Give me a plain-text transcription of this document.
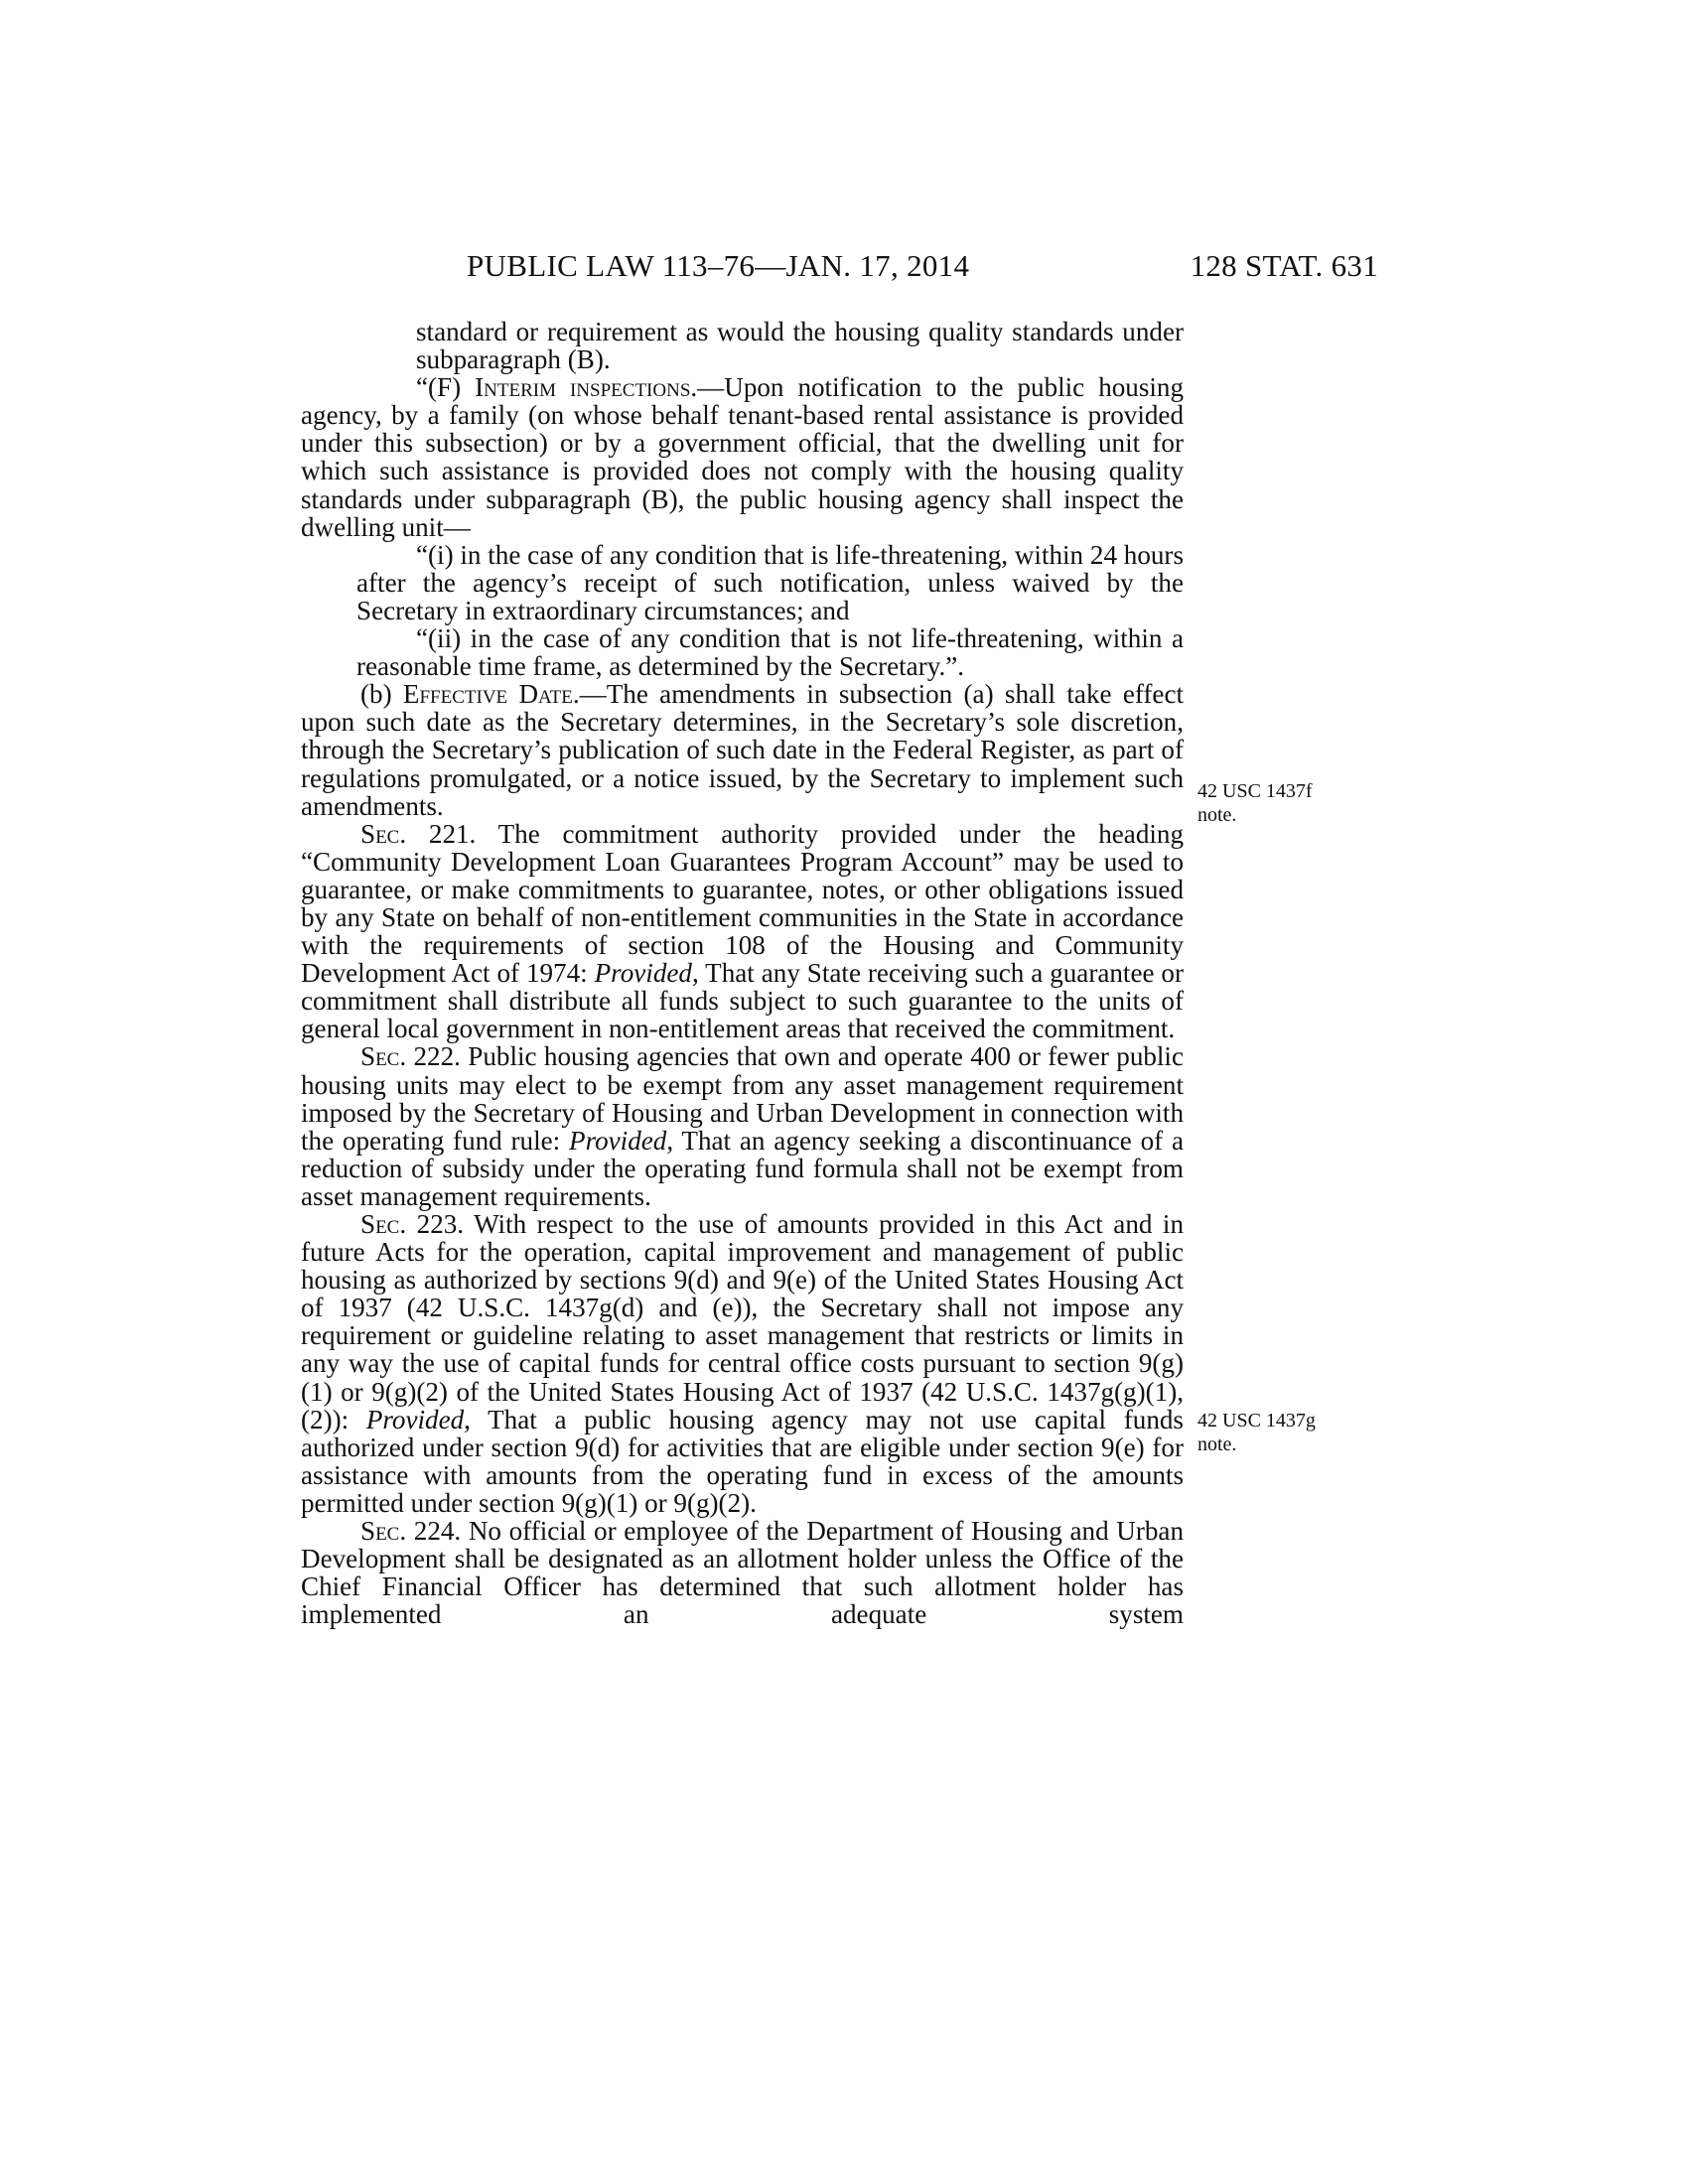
PUBLIC LAW 113–76—JAN. 17, 2014	128 STAT. 631
42 USC 1437f
note.
42 USC 1437g
note.

standard or requirement as would the housing quality standards under subparagraph (B).

“(F) Interim inspections.—Upon notification to the public housing agency, by a family (on whose behalf tenant-based rental assistance is provided under this subsection) or by a government official, that the dwelling unit for which such assistance is provided does not comply with the housing quality standards under subparagraph (B), the public housing agency shall inspect the dwelling unit—

“(i) in the case of any condition that is life-threatening, within 24 hours after the agency’s receipt of such notification, unless waived by the Secretary in extraordinary circumstances; and

“(ii) in the case of any condition that is not life-threatening, within a reasonable time frame, as determined by the Secretary.”.

(b) Effective Date.—The amendments in subsection (a) shall take effect upon such date as the Secretary determines, in the Secretary’s sole discretion, through the Secretary’s publication of such date in the Federal Register, as part of regulations promulgated, or a notice issued, by the Secretary to implement such amendments.

Sec. 221. The commitment authority provided under the heading “Community Development Loan Guarantees Program Account” may be used to guarantee, or make commitments to guarantee, notes, or other obligations issued by any State on behalf of non-entitlement communities in the State in accordance with the requirements of section 108 of the Housing and Community Development Act of 1974: Provided, That any State receiving such a guarantee or commitment shall distribute all funds subject to such guarantee to the units of general local government in non-entitlement areas that received the commitment.

Sec. 222. Public housing agencies that own and operate 400 or fewer public housing units may elect to be exempt from any asset management requirement imposed by the Secretary of Housing and Urban Development in connection with the operating fund rule: Provided, That an agency seeking a discontinuance of a reduction of subsidy under the operating fund formula shall not be exempt from asset management requirements.

Sec. 223. With respect to the use of amounts provided in this Act and in future Acts for the operation, capital improvement and management of public housing as authorized by sections 9(d) and 9(e) of the United States Housing Act of 1937 (42 U.S.C. 1437g(d) and (e)), the Secretary shall not impose any requirement or guideline relating to asset management that restricts or limits in any way the use of capital funds for central office costs pursuant to section 9(g)(1) or 9(g)(2) of the United States Housing Act of 1937 (42 U.S.C. 1437g(g)(1), (2)): Provided, That a public housing agency may not use capital funds authorized under section 9(d) for activities that are eligible under section 9(e) for assistance with amounts from the operating fund in excess of the amounts permitted under section 9(g)(1) or 9(g)(2).

Sec. 224. No official or employee of the Department of Housing and Urban Development shall be designated as an allotment holder unless the Office of the Chief Financial Officer has determined that such allotment holder has implemented an adequate system
